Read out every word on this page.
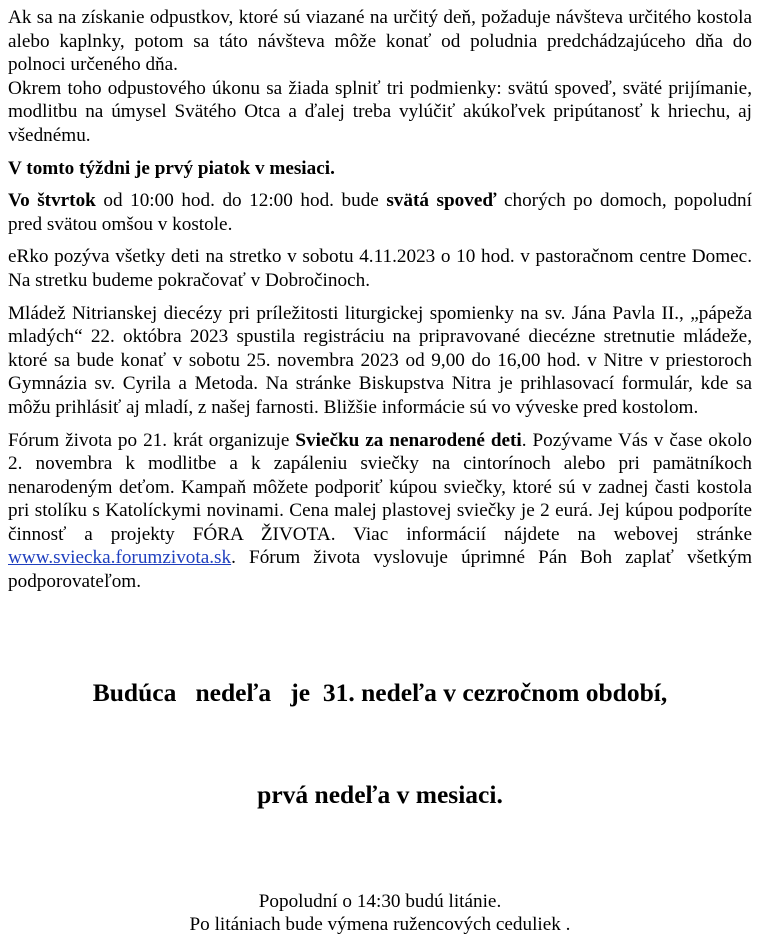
Ak sa na získanie odpustkov, ktoré sú viazané na určitý deň, požaduje návšteva určitého kostola alebo kaplnky, potom sa táto návšteva môže konať od poludnia predchádzajúceho dňa do polnoci určeného dňa.

Okrem toho odpustového úkonu sa žiada splniť tri podmienky: svätú spoveď, sväté prijímanie, modlitbu na úmysel Svätého Otca a ďalej treba vylúčiť akúkoľvek pripútanosť k hriechu, aj všednému.

V tomto týždni je prvý piatok v mesiaci.

Vo štvrtok od 10:00 hod. do 12:00 hod. bude svätá spoveď chorých po domoch, popoludní pred svätou omšou v kostole.

eRko pozýva všetky deti na stretko v sobotu 4.11.2023 o 10 hod. v pastoračnom centre Domec. Na stretku budeme pokračovať v Dobročinoch.

Mládež Nitrianskej diecézy pri príležitosti liturgickej spomienky na sv. Jána Pavla II., „pápeža mladých“ 22. októbra 2023 spustila registráciu na pripravované diecézne stretnutie mládeže, ktoré sa bude konať v sobotu 25. novembra 2023 od 9,00 do 16,00 hod. v Nitre v priestoroch Gymnázia sv. Cyrila a Metoda. Na stránke Biskupstva Nitra je prihlasovací formulár, kde sa môžu prihlásiť aj mladí, z našej farnosti. Bližšie informácie sú vo výveske pred kostolom.

Fórum života po 21. krát organizuje Sviečku za nenarodené deti. Pozývame Vás v čase okolo 2. novembra k modlitbe a k zapáleniu sviečky na cintorínoch alebo pri pamätníkoch nenarodeným deťom. Kampaň môžete podporiť kúpou sviečky, ktoré sú v zadnej časti kostola pri stolíku s Katolíckymi novinami. Cena malej plastovej sviečky je 2 eurá. Jej kúpou podporíte činnosť a projekty FÓRA ŽIVOTA. Viac informácií nájdete na webovej stránke www.sviecka.forumzivota.sk. Fórum života vyslovuje úprimné Pán Boh zaplať všetkým podporovateľom.

Budúca   nedeľa   je  31. nedeľa v cezročnom období,

prvá nedeľa v mesiaci.

Popoludní o 14:30 budú litánie.

Po litániach bude výmena ružencových ceduliek .
